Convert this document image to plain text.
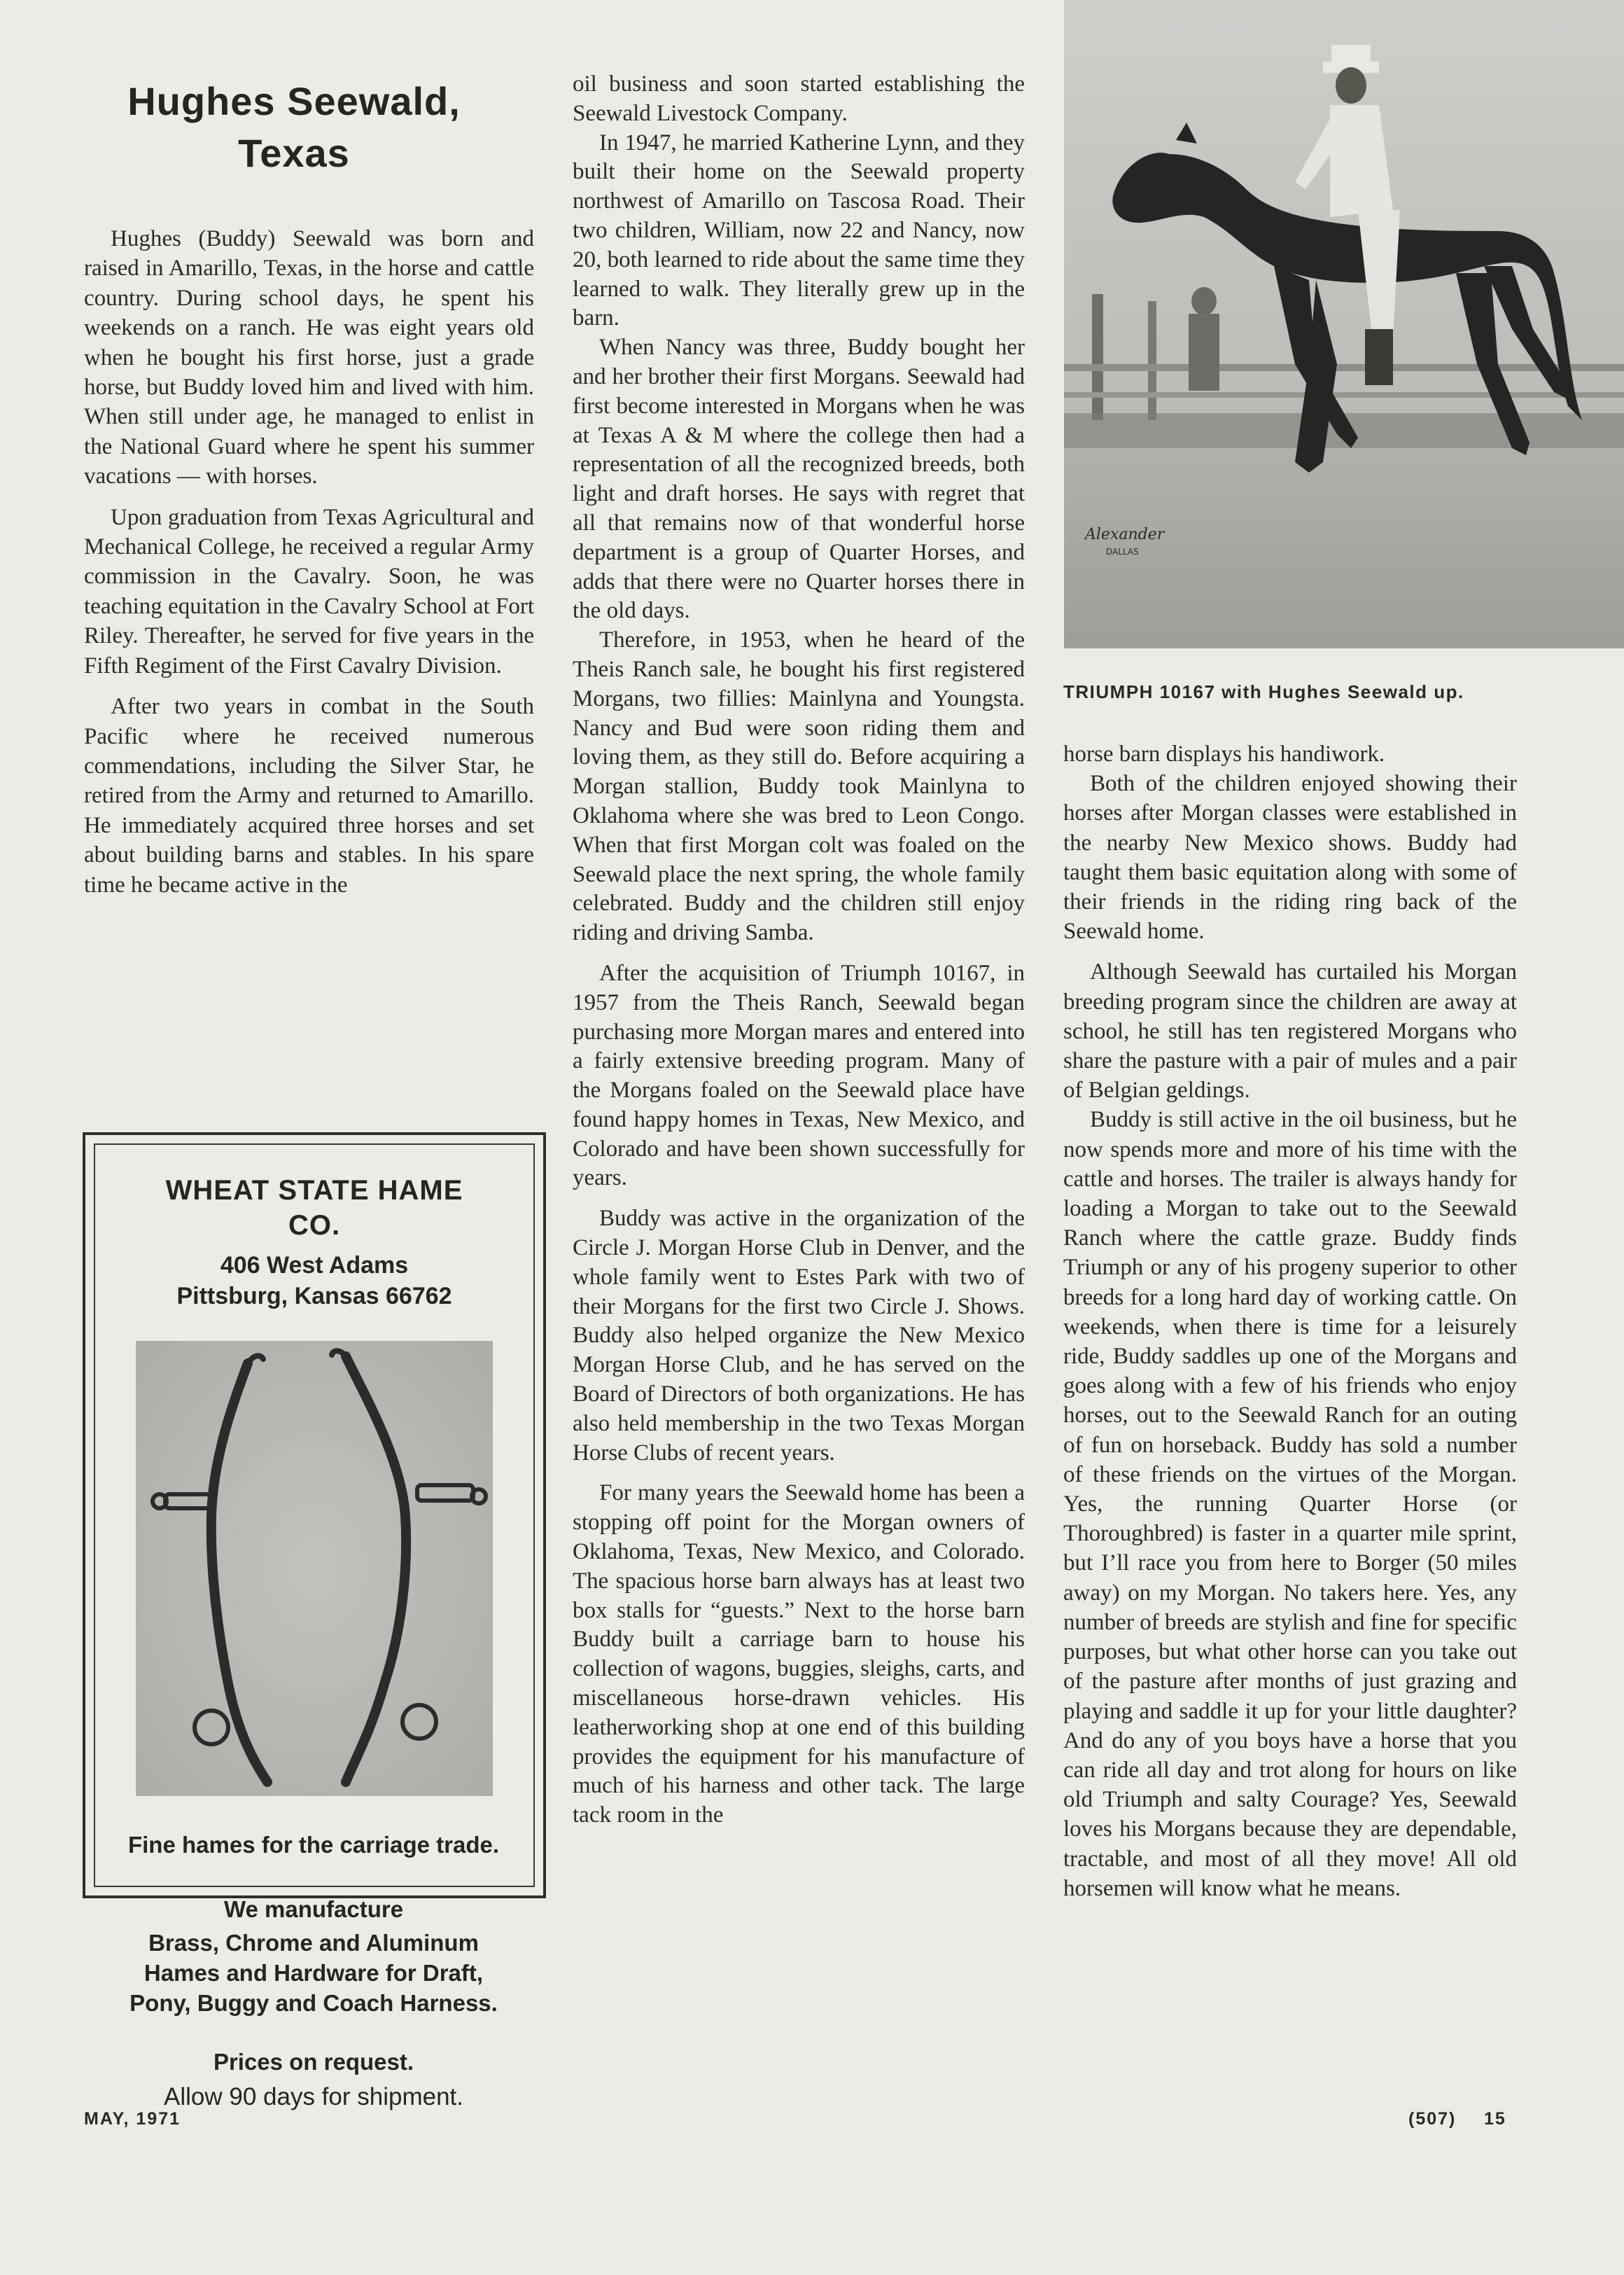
Hughes Seewald,
Texas

Hughes (Buddy) Seewald was born and raised in Amarillo, Texas, in the horse and cattle country. During school days, he spent his weekends on a ranch. He was eight years old when he bought his first horse, just a grade horse, but Buddy loved him and lived with him. When still under age, he managed to enlist in the National Guard where he spent his summer vacations — with horses.

Upon graduation from Texas Agricultural and Mechanical College, he received a regular Army commission in the Cavalry. Soon, he was teaching equitation in the Cavalry School at Fort Riley. Thereafter, he served for five years in the Fifth Regiment of the First Cavalry Division.

After two years in combat in the South Pacific where he received numerous commendations, including the Silver Star, he retired from the Army and returned to Amarillo. He immediately acquired three horses and set about building barns and stables. In his spare time he became active in the

WHEAT STATE HAME
CO.
406 West Adams
Pittsburg, Kansas 66762
Fine hames for the carriage trade.
We manufacture
Brass, Chrome and Aluminum Hames and Hardware for Draft, Pony, Buggy and Coach Harness.
Prices on request.
Allow 90 days for shipment.

oil business and soon started establishing the Seewald Livestock Company.

In 1947, he married Katherine Lynn, and they built their home on the Seewald property northwest of Amarillo on Tascosa Road. Their two children, William, now 22 and Nancy, now 20, both learned to ride about the same time they learned to walk. They literally grew up in the barn.

When Nancy was three, Buddy bought her and her brother their first Morgans. Seewald had first become interested in Morgans when he was at Texas A & M where the college then had a representation of all the recognized breeds, both light and draft horses. He says with regret that all that remains now of that wonderful horse department is a group of Quarter Horses, and adds that there were no Quarter horses there in the old days.

Therefore, in 1953, when he heard of the Theis Ranch sale, he bought his first registered Morgans, two fillies: Mainlyna and Youngsta. Nancy and Bud were soon riding them and loving them, as they still do. Before acquiring a Morgan stallion, Buddy took Mainlyna to Oklahoma where she was bred to Leon Congo. When that first Morgan colt was foaled on the Seewald place the next spring, the whole family celebrated. Buddy and the children still enjoy riding and driving Samba.

After the acquisition of Triumph 10167, in 1957 from the Theis Ranch, Seewald began purchasing more Morgan mares and entered into a fairly extensive breeding program. Many of the Morgans foaled on the Seewald place have found happy homes in Texas, New Mexico, and Colorado and have been shown successfully for years.

Buddy was active in the organization of the Circle J. Morgan Horse Club in Denver, and the whole family went to Estes Park with two of their Morgans for the first two Circle J. Shows. Buddy also helped organize the New Mexico Morgan Horse Club, and he has served on the Board of Directors of both organizations. He has also held membership in the two Texas Morgan Horse Clubs of recent years.

For many years the Seewald home has been a stopping off point for the Morgan owners of Oklahoma, Texas, New Mexico, and Colorado. The spacious horse barn always has at least two box stalls for “guests.” Next to the horse barn Buddy built a carriage barn to house his collection of wagons, buggies, sleighs, carts, and miscellaneous horse-drawn vehicles. His leatherworking shop at one end of this building provides the equipment for his manufacture of much of his harness and other tack. The large tack room in the

Alexander
DALLAS
TRIUMPH 10167 with Hughes Seewald up.

horse barn displays his handiwork.

Both of the children enjoyed showing their horses after Morgan classes were established in the nearby New Mexico shows. Buddy had taught them basic equitation along with some of their friends in the riding ring back of the Seewald home.

Although Seewald has curtailed his Morgan breeding program since the children are away at school, he still has ten registered Morgans who share the pasture with a pair of mules and a pair of Belgian geldings.

Buddy is still active in the oil business, but he now spends more and more of his time with the cattle and horses. The trailer is always handy for loading a Morgan to take out to the Seewald Ranch where the cattle graze. Buddy finds Triumph or any of his progeny superior to other breeds for a long hard day of working cattle. On weekends, when there is time for a leisurely ride, Buddy saddles up one of the Morgans and goes along with a few of his friends who enjoy horses, out to the Seewald Ranch for an outing of fun on horseback. Buddy has sold a number of these friends on the virtues of the Morgan. Yes, the running Quarter Horse (or Thoroughbred) is faster in a quarter mile sprint, but I’ll race you from here to Borger (50 miles away) on my Morgan. No takers here. Yes, any number of breeds are stylish and fine for specific purposes, but what other horse can you take out of the pasture after months of just grazing and playing and saddle it up for your little daughter? And do any of you boys have a horse that you can ride all day and trot along for hours on like old Triumph and salty Courage? Yes, Seewald loves his Morgans because they are dependable, tractable, and most of all they move! All old horsemen will know what he means.

MAY, 1971	(507) 15
